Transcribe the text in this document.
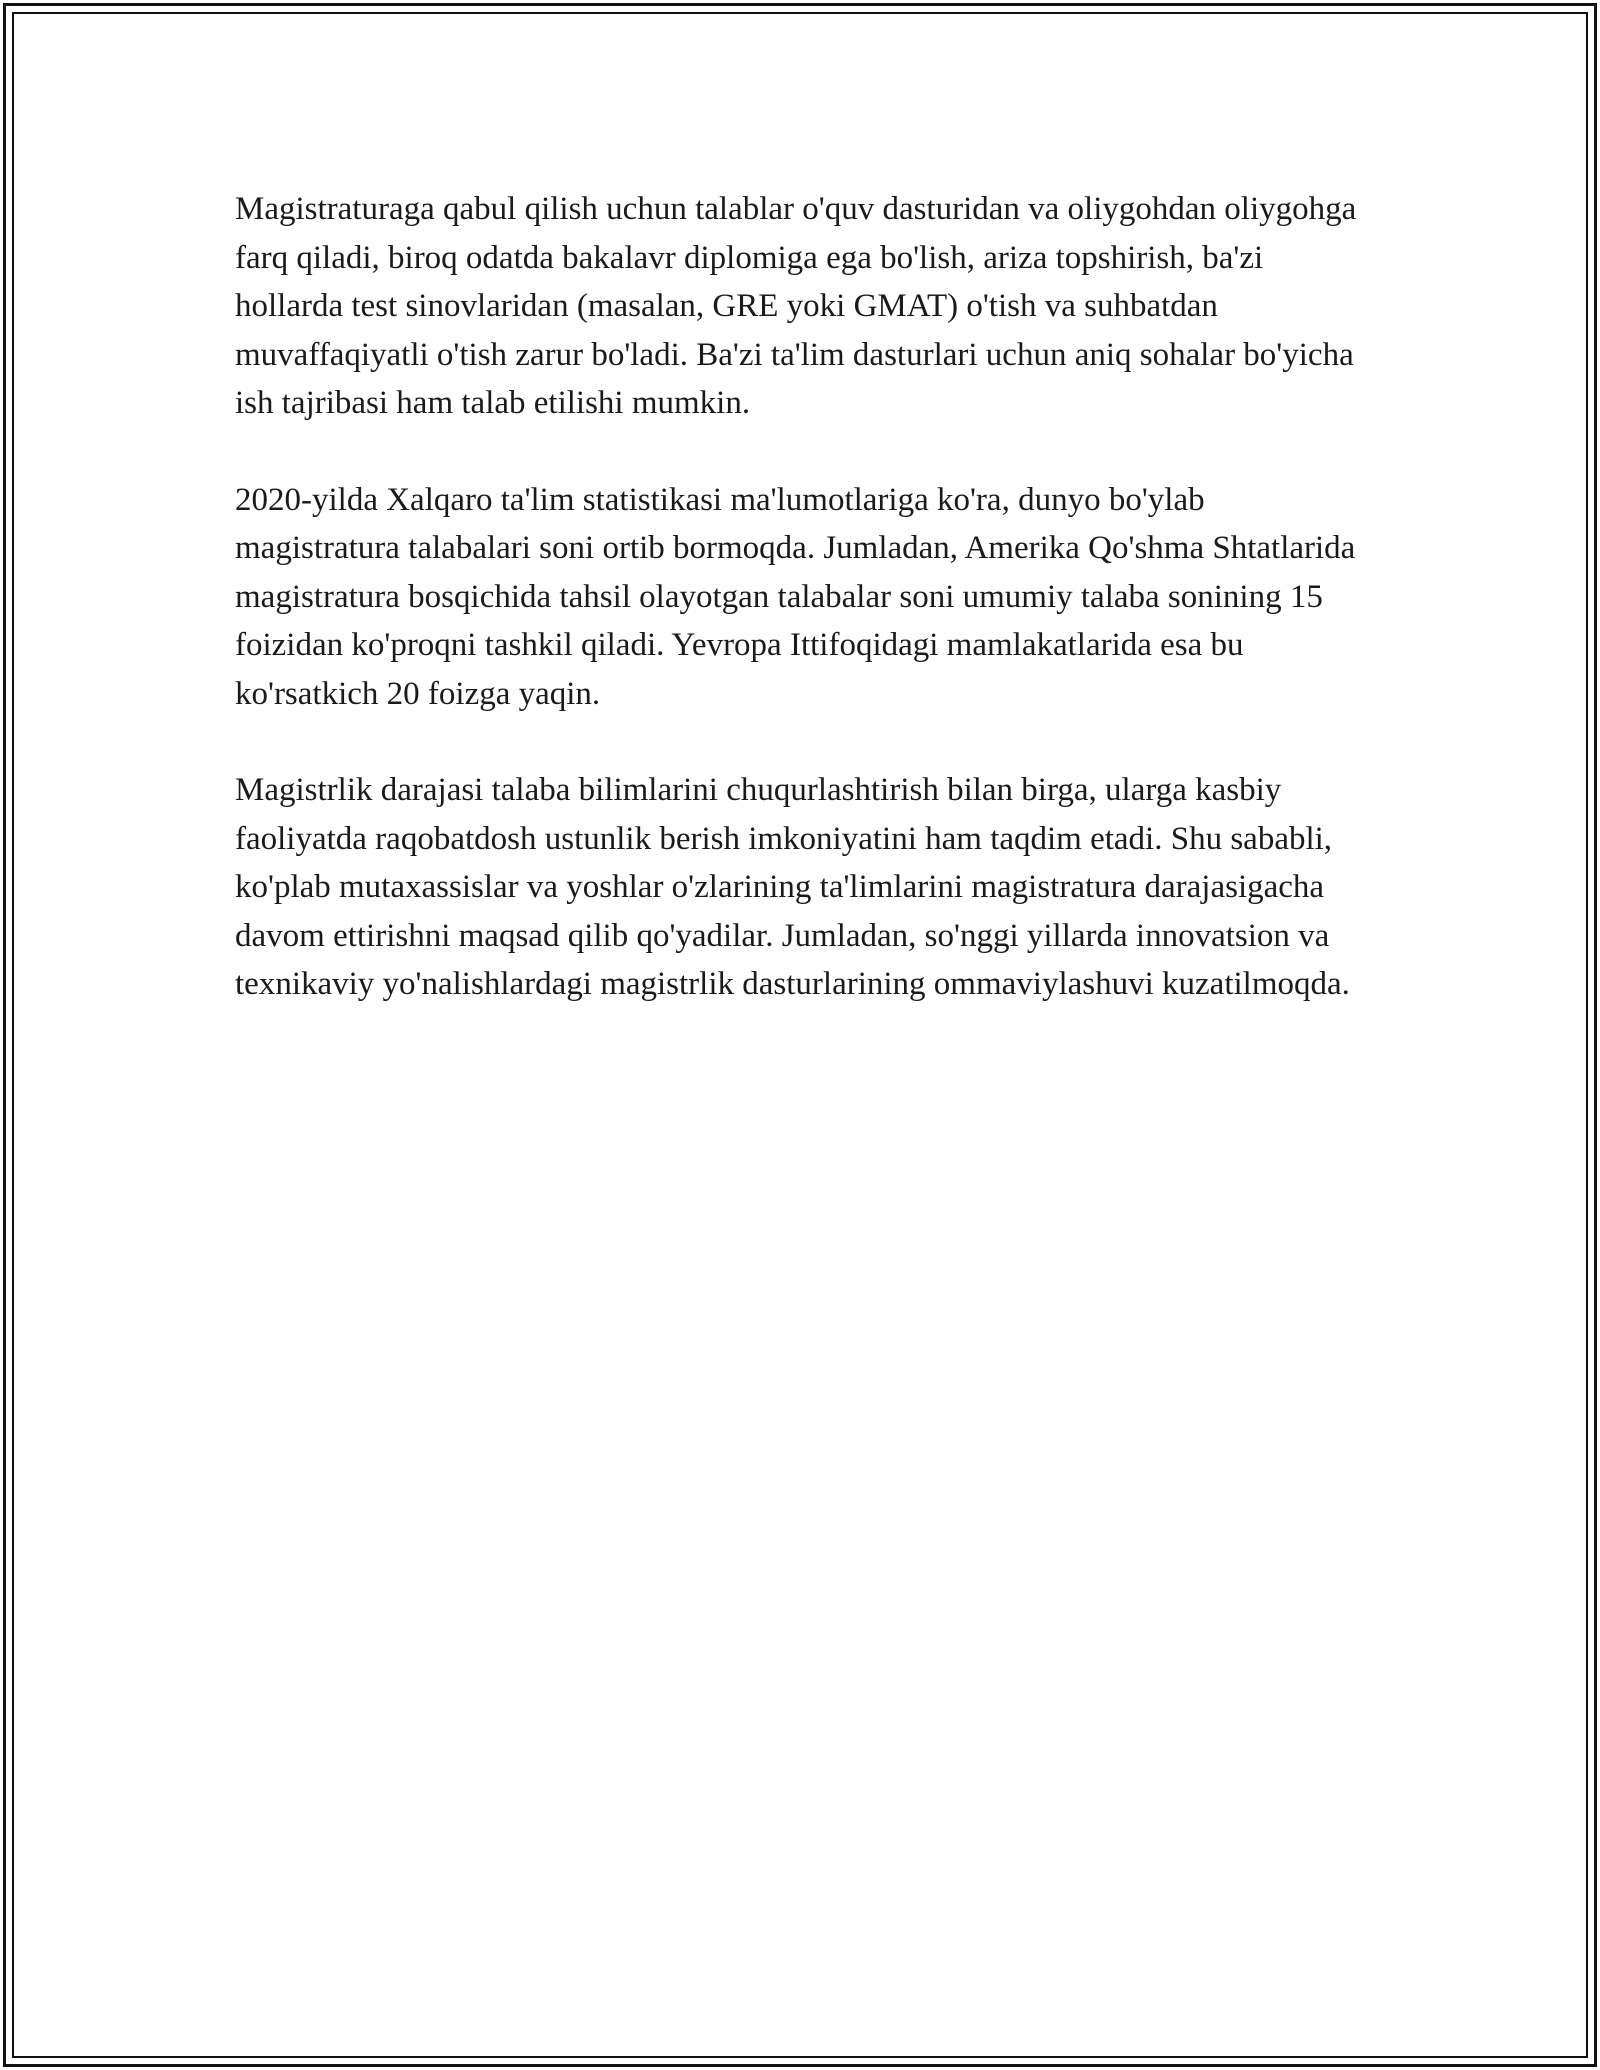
Magistraturaga qabul qilish uchun talablar o'quv dasturidan va oliygohdan oliygohga farq qiladi, biroq odatda bakalavr diplomiga ega bo'lish, ariza topshirish, ba'zi hollarda test sinovlaridan (masalan, GRE yoki GMAT) o'tish va suhbatdan muvaffaqiyatli o'tish zarur bo'ladi. Ba'zi ta'lim dasturlari uchun aniq sohalar bo'yicha ish tajribasi ham talab etilishi mumkin.

2020-yilda Xalqaro ta'lim statistikasi ma'lumotlariga ko'ra, dunyo bo'ylab magistratura talabalari soni ortib bormoqda. Jumladan, Amerika Qo'shma Shtatlarida magistratura bosqichida tahsil olayotgan talabalar soni umumiy talaba sonining 15 foizidan ko'proqni tashkil qiladi. Yevropa Ittifoqidagi mamlakatlarida esa bu ko'rsatkich 20 foizga yaqin.

Magistrlik darajasi talaba bilimlarini chuqurlashtirish bilan birga, ularga kasbiy faoliyatda raqobatdosh ustunlik berish imkoniyatini ham taqdim etadi. Shu sababli, ko'plab mutaxassislar va yoshlar o'zlarining ta'limlarini magistratura darajasigacha davom ettirishni maqsad qilib qo'yadilar. Jumladan, so'nggi yillarda innovatsion va texnikaviy yo'nalishlardagi magistrlik dasturlarining ommaviylashuvi kuzatilmoqda.
